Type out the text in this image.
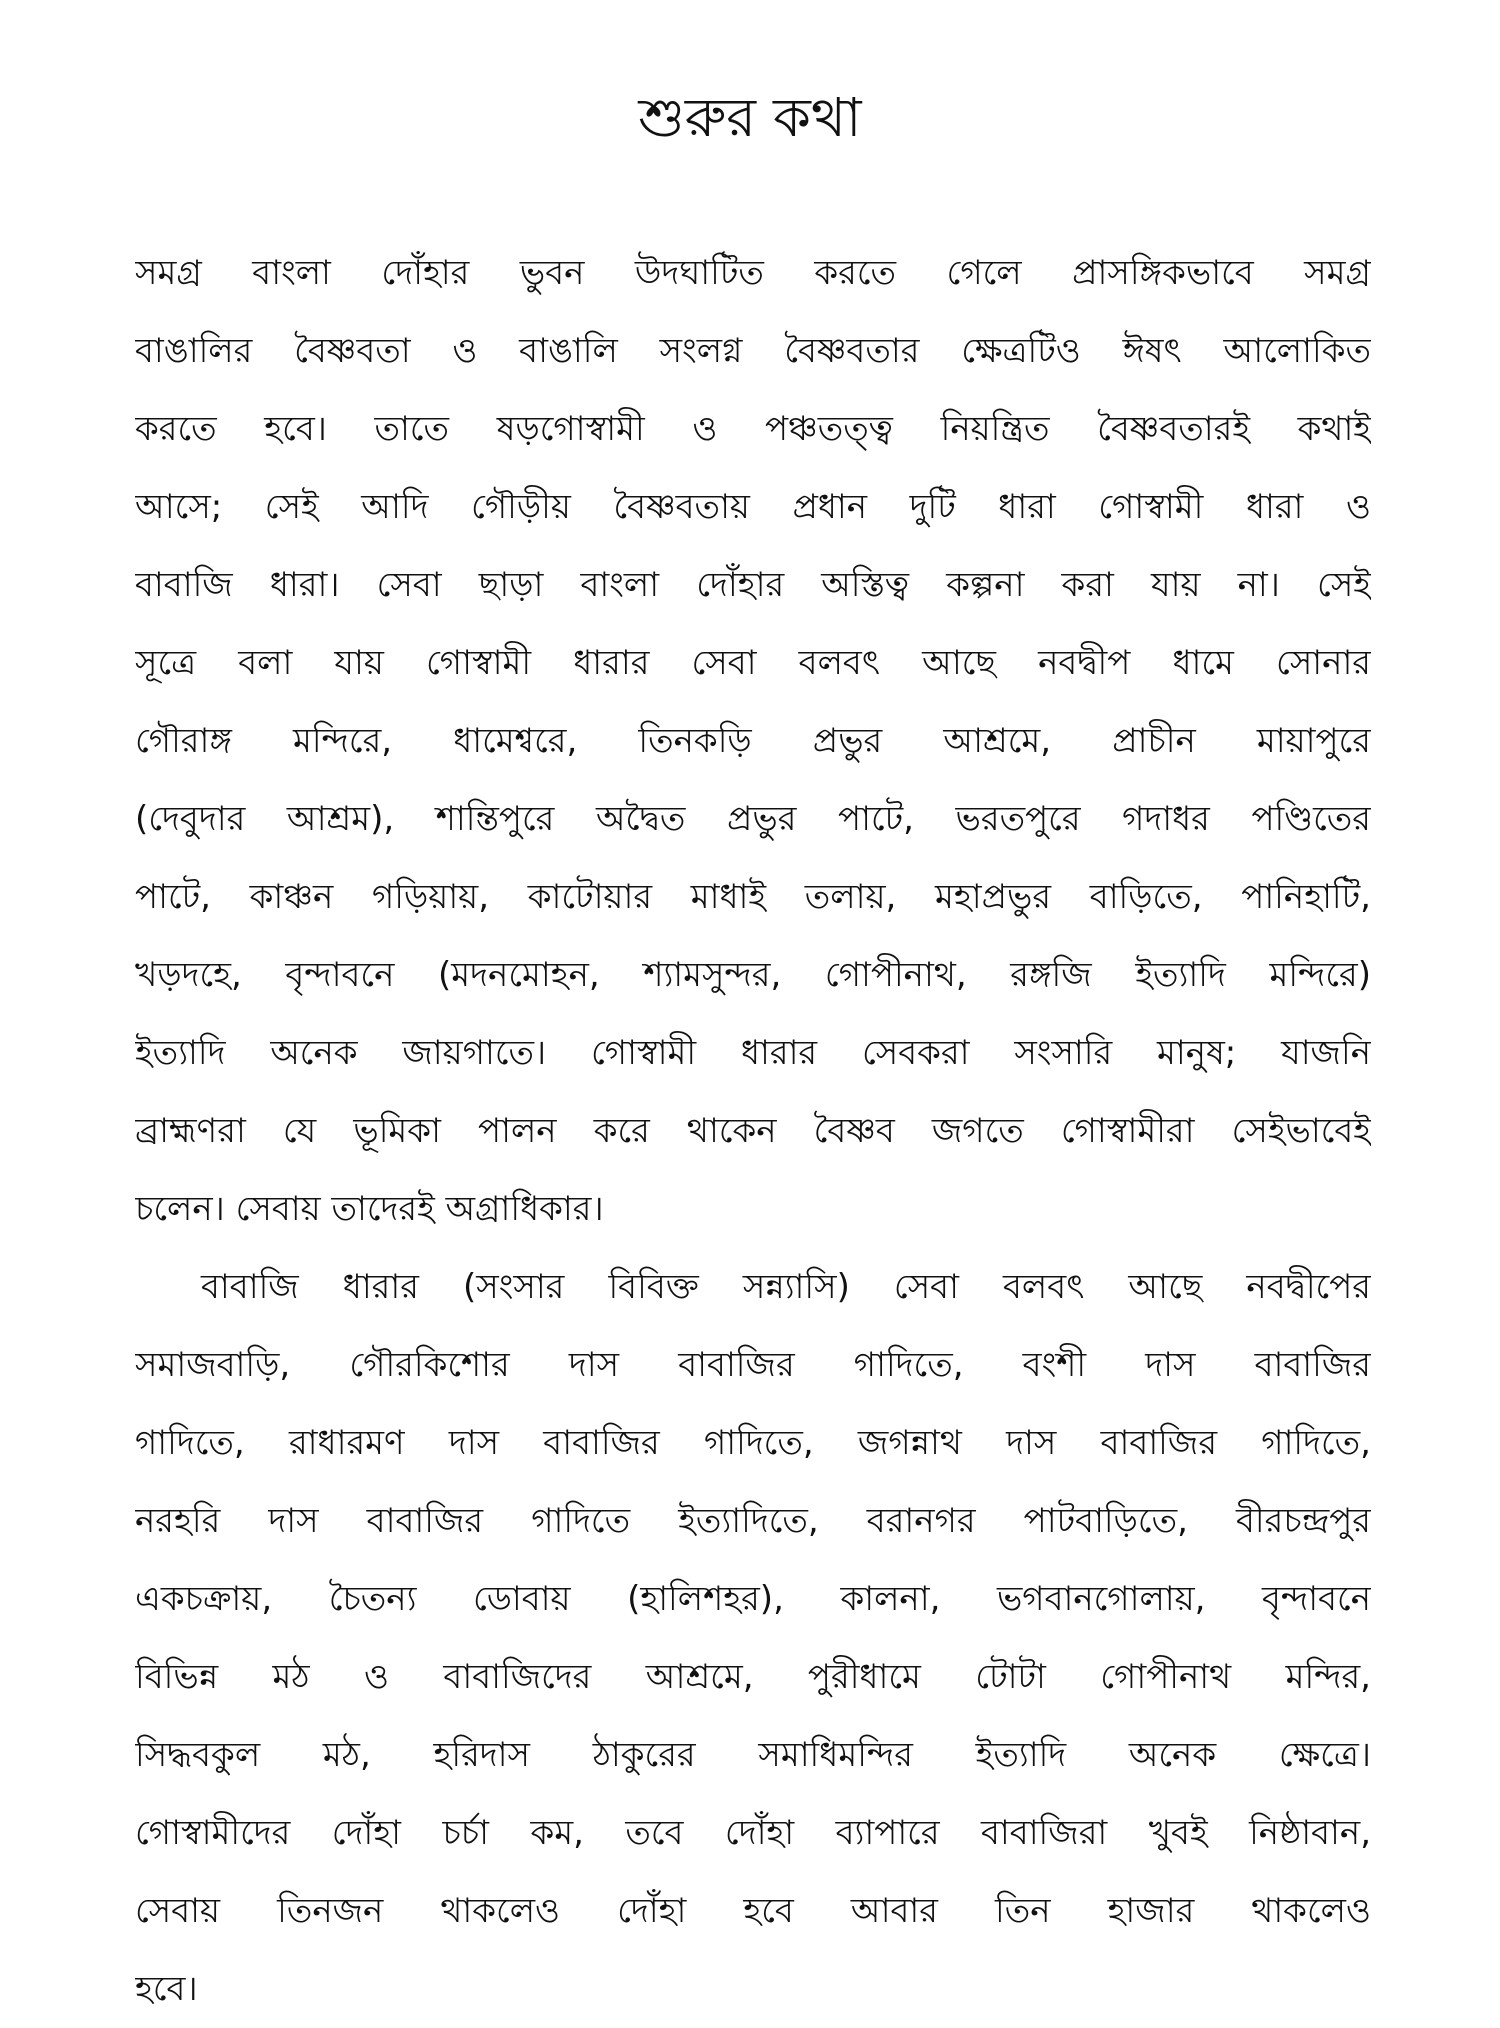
শুরুর কথা
সমগ্র বাংলা দোঁহার ভুবন উদঘাটিত করতে গেলে প্রাসঙ্গিকভাবে সমগ্র
বাঙালির বৈষ্ণবতা ও বাঙালি সংলগ্ন বৈষ্ণবতার ক্ষেত্রটিও ঈষৎ আলোকিত
করতে হবে। তাতে ষড়গোস্বামী ও পঞ্চতত্ত্ব নিয়ন্ত্রিত বৈষ্ণবতারই কথাই
আসে; সেই আদি গৌড়ীয় বৈষ্ণবতায় প্রধান দুটি ধারা গোস্বামী ধারা ও
বাবাজি ধারা। সেবা ছাড়া বাংলা দোঁহার অস্তিত্ব কল্পনা করা যায় না। সেই
সূত্রে বলা যায় গোস্বামী ধারার সেবা বলবৎ আছে নবদ্বীপ ধামে সোনার
গৌরাঙ্গ মন্দিরে, ধামেশ্বরে, তিনকড়ি প্রভুর আশ্রমে, প্রাচীন মায়াপুরে
(দেবুদার আশ্রম), শান্তিপুরে অদ্বৈত প্রভুর পাটে, ভরতপুরে গদাধর পণ্ডিতের
পাটে, কাঞ্চন গড়িয়ায়, কাটোয়ার মাধাই তলায়, মহাপ্রভুর বাড়িতে, পানিহাটি,
খড়দহে, বৃন্দাবনে (মদনমোহন, শ্যামসুন্দর, গোপীনাথ, রঙ্গজি ইত্যাদি মন্দিরে)
ইত্যাদি অনেক জায়গাতে। গোস্বামী ধারার সেবকরা সংসারি মানুষ; যাজনি
ব্রাহ্মণরা যে ভূমিকা পালন করে থাকেন বৈষ্ণব জগতে গোস্বামীরা সেইভাবেই
চলেন। সেবায় তাদেরই অগ্রাধিকার।
বাবাজি ধারার (সংসার বিবিক্ত সন্ন্যাসি) সেবা বলবৎ আছে নবদ্বীপের
সমাজবাড়ি, গৌরকিশোর দাস বাবাজির গাদিতে, বংশী দাস বাবাজির
গাদিতে, রাধারমণ দাস বাবাজির গাদিতে, জগন্নাথ দাস বাবাজির গাদিতে,
নরহরি দাস বাবাজির গাদিতে ইত্যাদিতে, বরানগর পাটবাড়িতে, বীরচন্দ্রপুর
একচক্রায়, চৈতন্য ডোবায় (হালিশহর), কালনা, ভগবানগোলায়, বৃন্দাবনে
বিভিন্ন মঠ ও বাবাজিদের আশ্রমে, পুরীধামে টোটা গোপীনাথ মন্দির,
সিদ্ধবকুল মঠ, হরিদাস ঠাকুরের সমাধিমন্দির ইত্যাদি অনেক ক্ষেত্রে।
গোস্বামীদের দোঁহা চর্চা কম, তবে দোঁহা ব্যাপারে বাবাজিরা খুবই নিষ্ঠাবান,
সেবায় তিনজন থাকলেও দোঁহা হবে আবার তিন হাজার থাকলেও
হবে।
